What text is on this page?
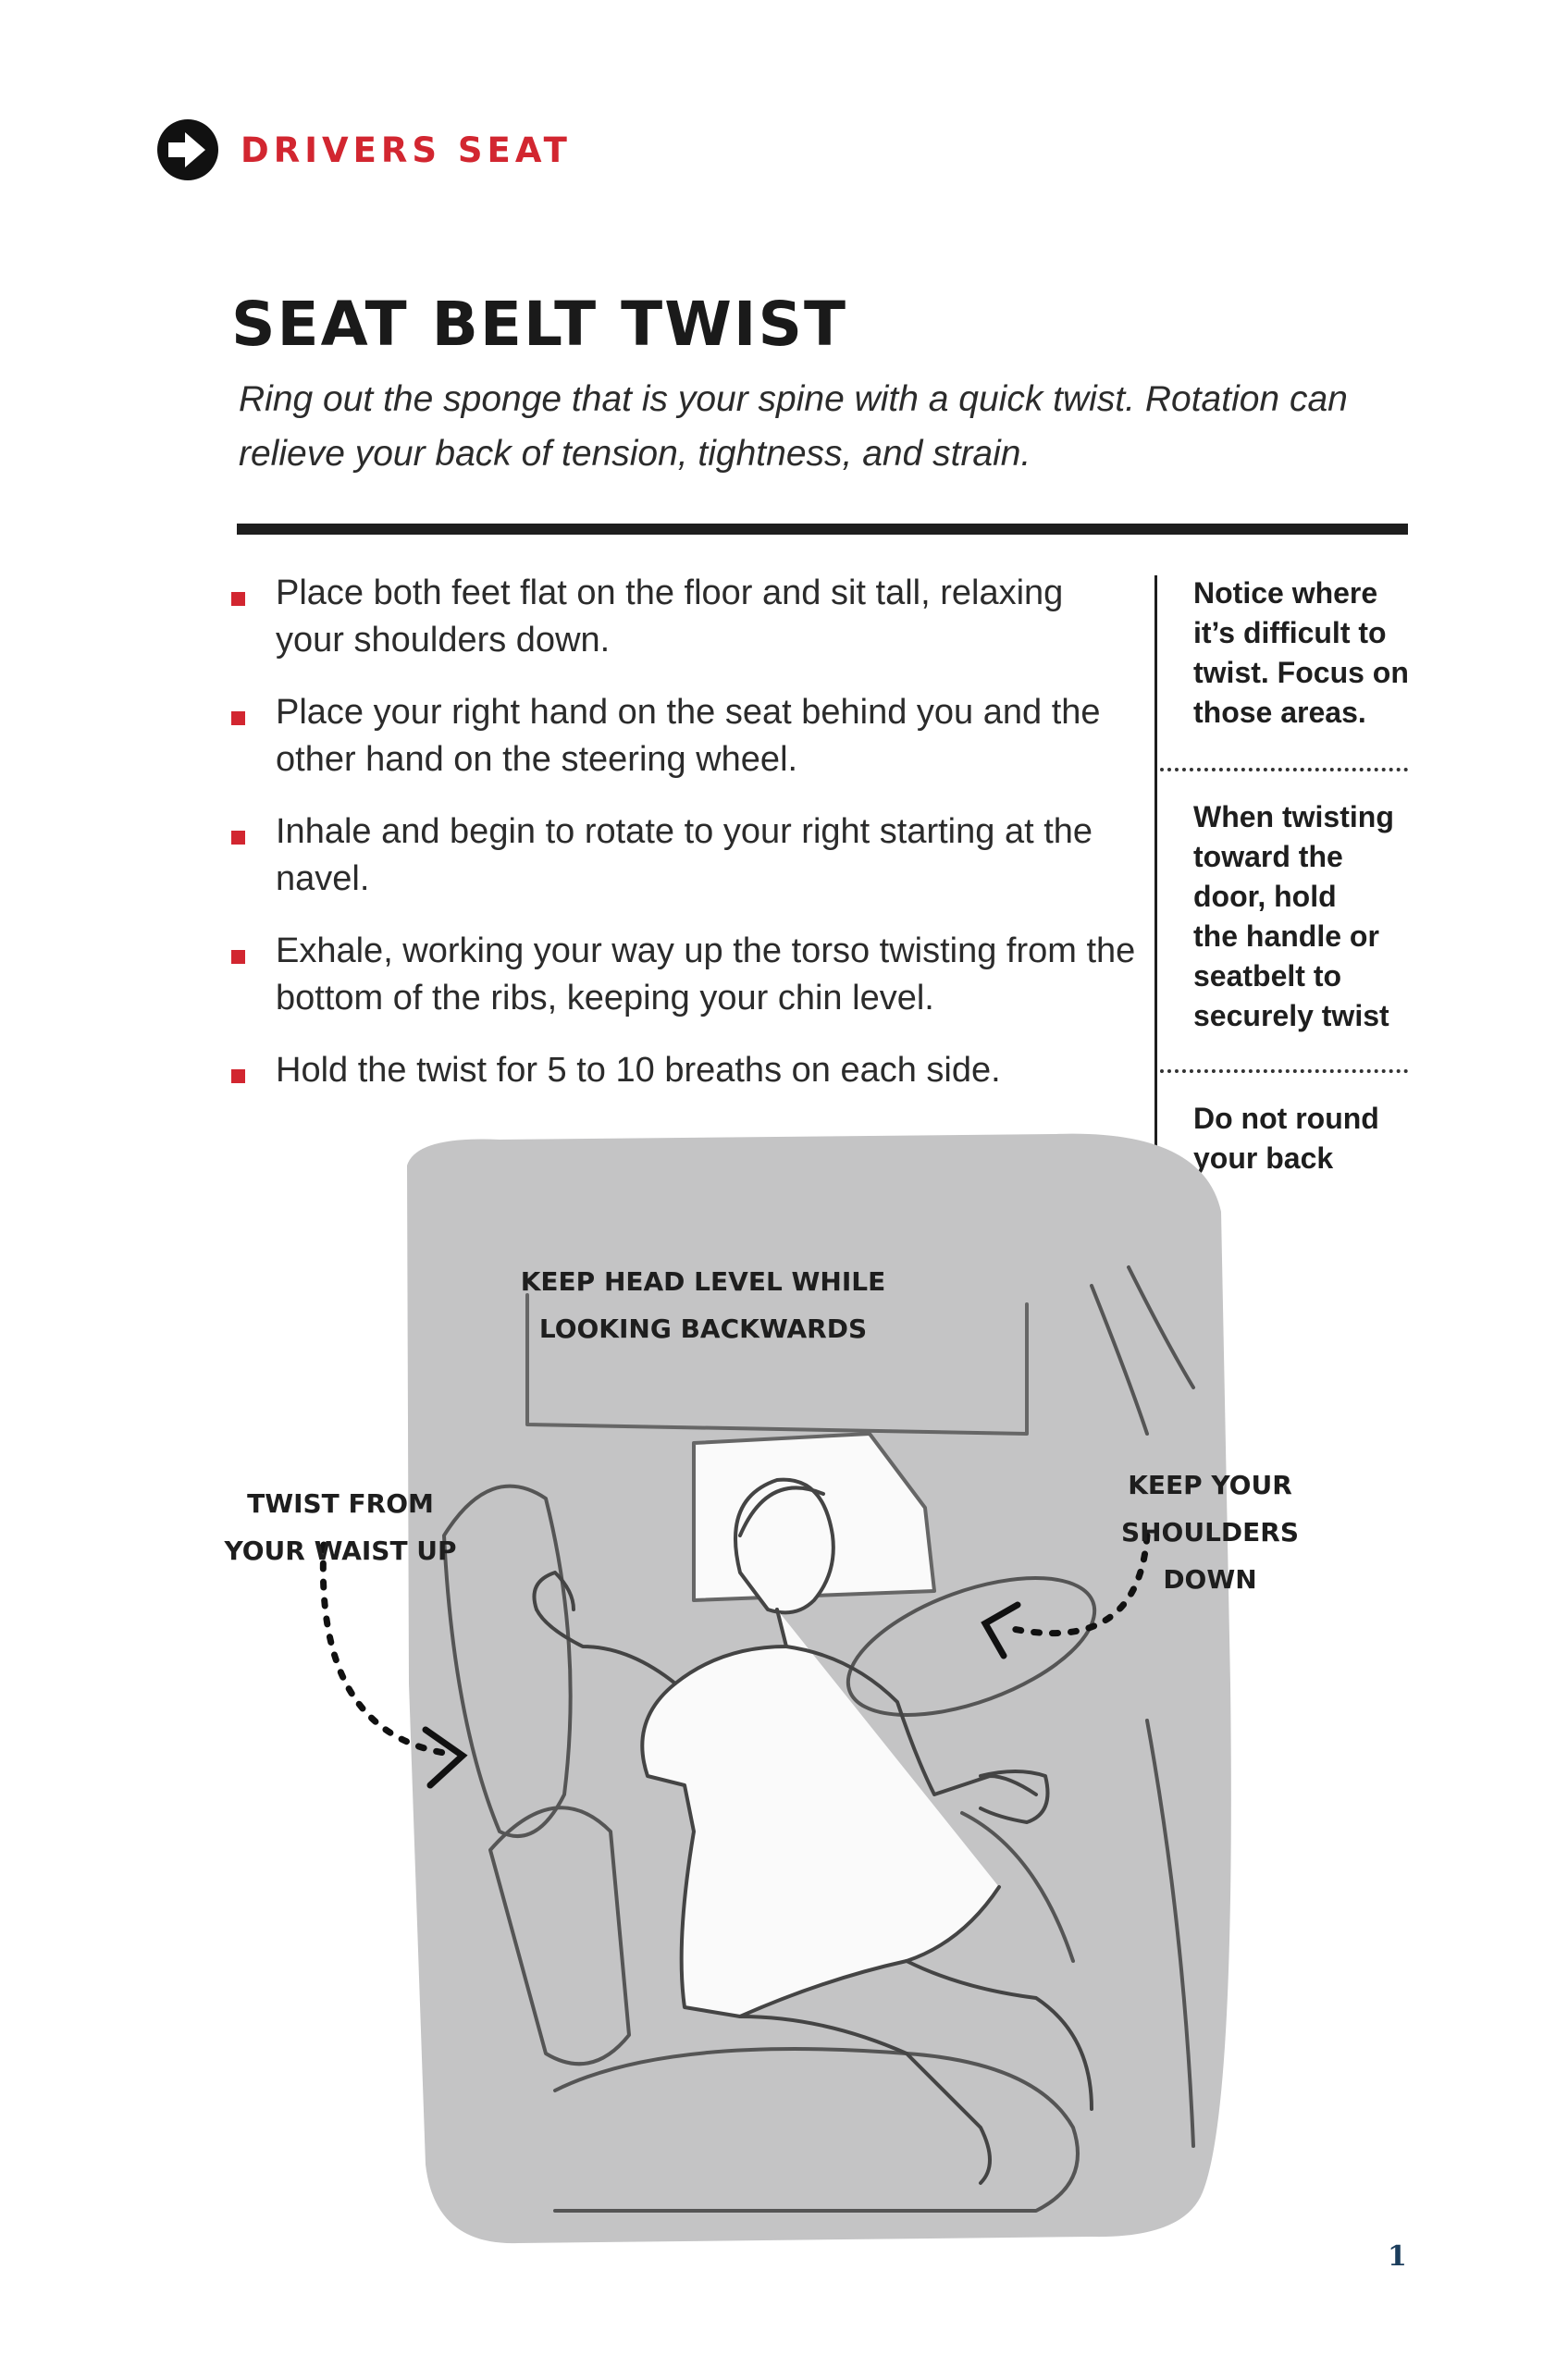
DRIVERS SEAT
SEAT BELT TWIST

Ring out the sponge that is your spine with a quick twist. Rotation can
relieve your back of tension, tightness, and strain.

Place both feet flat on the floor and sit tall, relaxing your shoulders down.
Place your right hand on the seat behind you and the other hand on the steering wheel.
Inhale and begin to rotate to your right starting at the navel.
Exhale, working your way up the torso twisting from the bottom of the ribs, keeping your chin level.
Hold the twist for 5 to 10 breaths on each side.

Notice where
it’s difficult to
twist. Focus on
those areas.

When twisting
toward the
door, hold
the handle or
seatbelt to
securely twist

Do not round
your back

KEEP HEAD LEVEL WHILE
LOOKING BACKWARDS
TWIST FROM
YOUR WAIST UP
KEEP YOUR
SHOULDERS DOWN
1
